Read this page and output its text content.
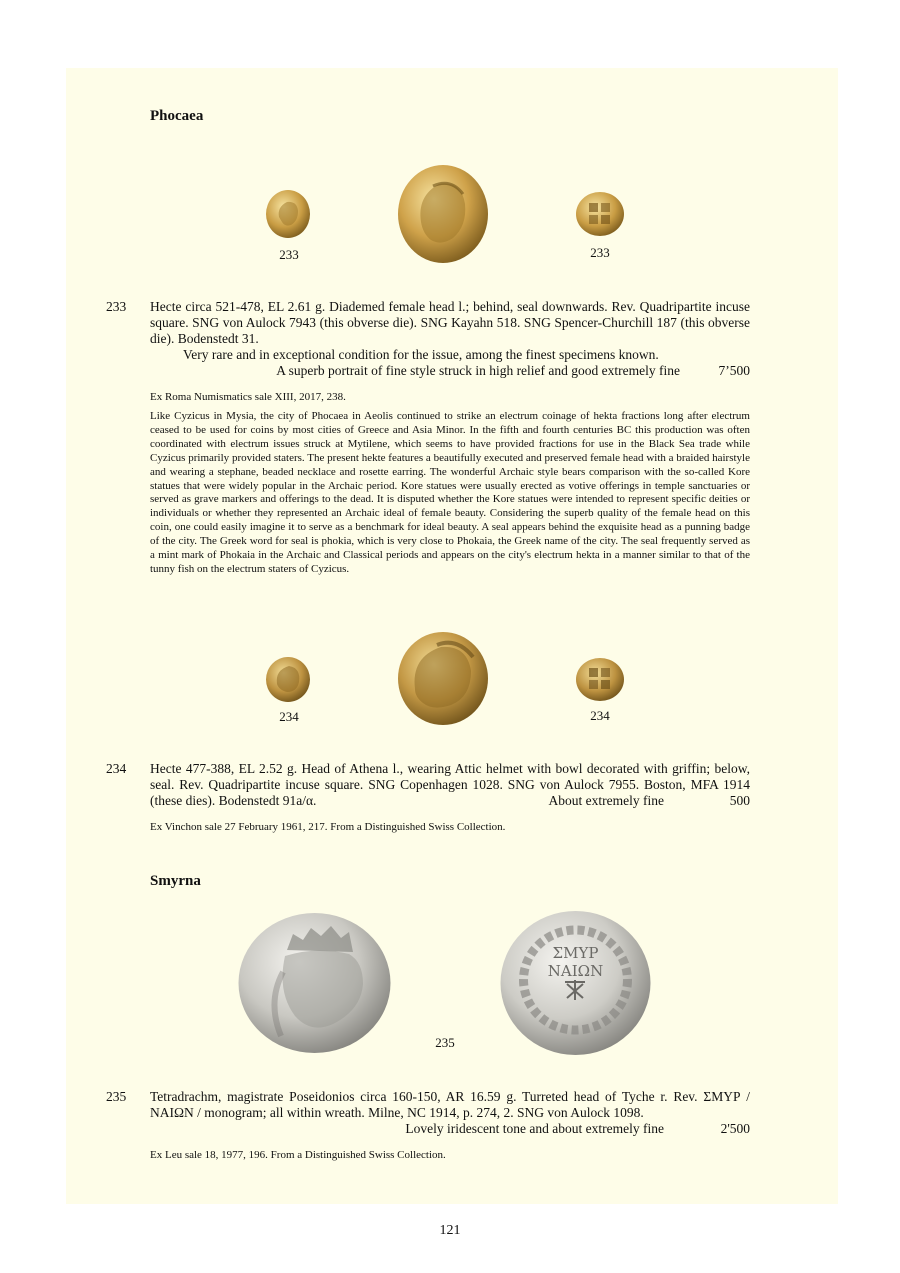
Phocaea
233	233
233 Hecte circa 521-478, EL 2.61 g. Diademed female head l.; behind, seal downwards. Rev. Quadripartite incuse square. SNG von Aulock 7943 (this obverse die). SNG Kayahn 518. SNG Spencer-Churchill 187 (this obverse die). Bodenstedt 31.
Very rare and in exceptional condition for the issue, among the finest specimens known.
A superb portrait of fine style struck in high relief and good extremely fine	7’500
Ex Roma Numismatics sale XIII, 2017, 238.
Like Cyzicus in Mysia, the city of Phocaea in Aeolis continued to strike an electrum coinage of hekta fractions long after electrum ceased to be used for coins by most cities of Greece and Asia Minor. In the fifth and fourth centuries BC this production was often coordinated with electrum issues struck at Mytilene, which seems to have provided fractions for use in the Black Sea trade while Cyzicus primarily provided staters. The present hekte features a beautifully executed and preserved female head with a braided hairstyle and wearing a stephane, beaded necklace and rosette earring. The wonderful Archaic style bears comparison with the so-called Kore statues that were widely popular in the Archaic period. Kore statues were usually erected as votive offerings in temple sanctuaries or served as grave markers and offerings to the dead. It is disputed whether the Kore statues were intended to represent specific deities or individuals or whether they represented an Archaic ideal of female beauty. Considering the superb quality of the female head on this coin, one could easily imagine it to serve as a benchmark for ideal beauty. A seal appears behind the exquisite head as a punning badge of the city. The Greek word for seal is phokia, which is very close to Phokaia, the Greek name of the city. The seal frequently served as a mint mark of Phokaia in the Archaic and Classical periods and appears on the city's electrum hekta in a manner similar to that of the tunny fish on the electrum staters of Cyzicus.
234	234
234 Hecte 477-388, EL 2.52 g. Head of Athena l., wearing Attic helmet with bowl decorated with griffin; below, seal. Rev. Quadripartite incuse square. SNG Copenhagen 1028. SNG von Aulock 7955. Boston, MFA 1914 (these dies). Bodenstedt 91a/α.	About extremely fine	500
Ex Vinchon sale 27 February 1961, 217. From a Distinguished Swiss Collection.
Smyrna
ΣΜΥΡ
ΝΑΙΩΝ
235
235 Tetradrachm, magistrate Poseidonios circa 160-150, AR 16.59 g. Turreted head of Tyche r. Rev. ΣΜΥΡ / ΝΑΙΩΝ / monogram; all within wreath. Milne, NC 1914, p. 274, 2. SNG von Aulock 1098.
Lovely iridescent tone and about extremely fine	2'500
Ex Leu sale 18, 1977, 196. From a Distinguished Swiss Collection.
121
